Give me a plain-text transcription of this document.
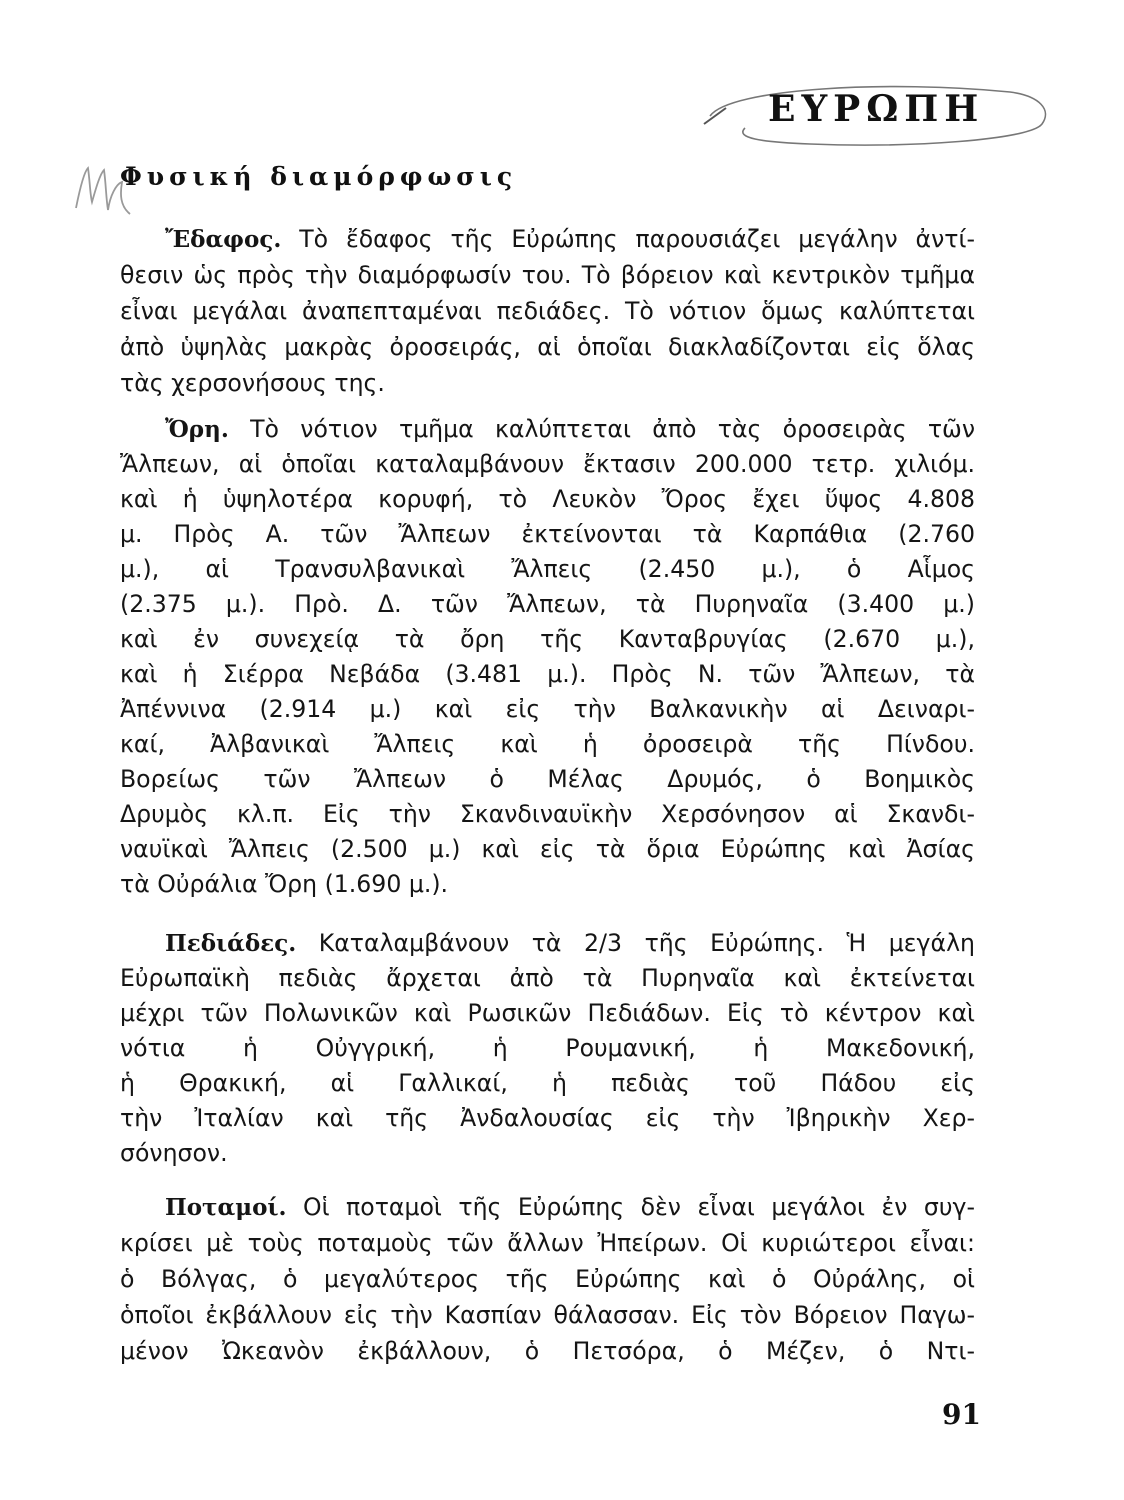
ΕΥΡΩΠΗ
Φυσική διαμόρφωσις
Ἔδαφος. Τὸ ἔδαφος τῆς Εὐρώπης παρουσιάζει μεγάλην ἀντί-
θεσιν ὡς πρὸς τὴν διαμόρφωσίν του. Τὸ βόρειον καὶ κεντρικὸν τμῆμα
εἶναι μεγάλαι ἀναπεπταμέναι πεδιάδες. Τὸ νότιον ὅμως καλύπτεται
ἀπὸ ὑψηλὰς μακρὰς ὀροσειράς, αἱ ὁποῖαι διακλαδίζονται εἰς ὅλας
τὰς χερσονήσους της.
Ὄρη. Τὸ νότιον τμῆμα καλύπτεται ἀπὸ τὰς ὀροσειρὰς τῶν
Ἄλπεων, αἱ ὁποῖαι καταλαμβάνουν ἔκτασιν 200.000 τετρ. χιλιόμ.
καὶ ἡ ὑψηλοτέρα κορυφή, τὸ Λευκὸν Ὄρος ἔχει ὕψος 4.808
μ. Πρὸς Α. τῶν Ἄλπεων ἐκτείνονται τὰ Καρπάθια (2.760
μ.), αἱ Τρανσυλβανικαὶ Ἄλπεις (2.450 μ.), ὁ Αἷμος
(2.375 μ.). Πρὸ. Δ. τῶν Ἄλπεων, τὰ Πυρηναῖα (3.400 μ.)
καὶ ἐν συνεχείᾳ τὰ ὄρη τῆς Κανταβρυγίας (2.670 μ.),
καὶ ἡ Σιέρρα Νεβάδα (3.481 μ.). Πρὸς Ν. τῶν Ἄλπεων, τὰ
Ἀπέννινα (2.914 μ.) καὶ εἰς τὴν Βαλκανικὴν αἱ Δειναρι-
καί, Ἀλβανικαὶ Ἄλπεις καὶ ἡ ὀροσειρὰ τῆς Πίνδου.
Βορείως τῶν Ἄλπεων ὁ Μέλας Δρυμός, ὁ Βοημικὸς
Δρυμὸς κλ.π. Εἰς τὴν Σκανδιναυϊκὴν Χερσόνησον αἱ Σκανδι-
ναυϊκαὶ Ἄλπεις (2.500 μ.) καὶ εἰς τὰ ὅρια Εὐρώπης καὶ Ἀσίας
τὰ Οὐράλια Ὄρη (1.690 μ.).
Πεδιάδες. Καταλαμβάνουν τὰ 2/3 τῆς Εὐρώπης. Ἡ μεγάλη
Εὐρωπαϊκὴ πεδιὰς ἄρχεται ἀπὸ τὰ Πυρηναῖα καὶ ἐκτείνεται
μέχρι τῶν Πολωνικῶν καὶ Ρωσικῶν Πεδιάδων. Εἰς τὸ κέντρον καὶ
νότια ἡ Οὐγγρική, ἡ Ρουμανική, ἡ Μακεδονική,
ἡ Θρακική, αἱ Γαλλικαί, ἡ πεδιὰς τοῦ Πάδου εἰς
τὴν Ἰταλίαν καὶ τῆς Ἀνδαλουσίας εἰς τὴν Ἰβηρικὴν Χερ-
σόνησον.
Ποταμοί. Οἱ ποταμοὶ τῆς Εὐρώπης δὲν εἶναι μεγάλοι ἐν συγ-
κρίσει μὲ τοὺς ποταμοὺς τῶν ἄλλων Ἠπείρων. Οἱ κυριώτεροι εἶναι:
ὁ Βόλγας, ὁ μεγαλύτερος τῆς Εὐρώπης καὶ ὁ Οὐράλης, οἱ
ὁποῖοι ἐκβάλλουν εἰς τὴν Κασπίαν θάλασσαν. Εἰς τὸν Βόρειον Παγω-
μένον Ὠκεανὸν ἐκβάλλουν, ὁ Πετσόρα, ὁ Μέζεν, ὁ Ντι-
91
